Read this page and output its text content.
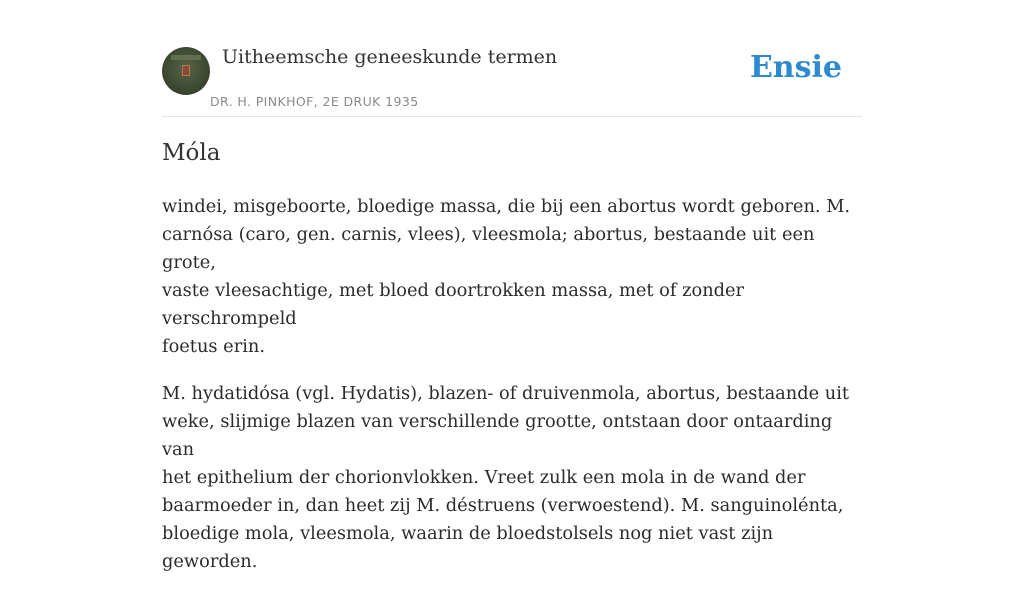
Uitheemsche geneeskunde termen
DR. H. PINKHOF, 2E DRUK 1935
Ensie
Móla

windei, misgeboorte, bloedige massa, die bij een abortus wordt geboren. M.
carnósa (caro, gen. carnis, vlees), vleesmola; abortus, bestaande uit een grote,
vaste vleesachtige, met bloed doortrokken massa, met of zonder verschrompeld
foetus erin.

M. hydatidósa (vgl. Hydatis), blazen- of druivenmola, abortus, bestaande uit
weke, slijmige blazen van verschillende grootte, ontstaan door ontaarding van
het epithelium der chorionvlokken. Vreet zulk een mola in de wand der
baarmoeder in, dan heet zij M. déstruens (verwoestend). M. sanguinolénta,
bloedige mola, vleesmola, waarin de bloedstolsels nog niet vast zijn geworden.
